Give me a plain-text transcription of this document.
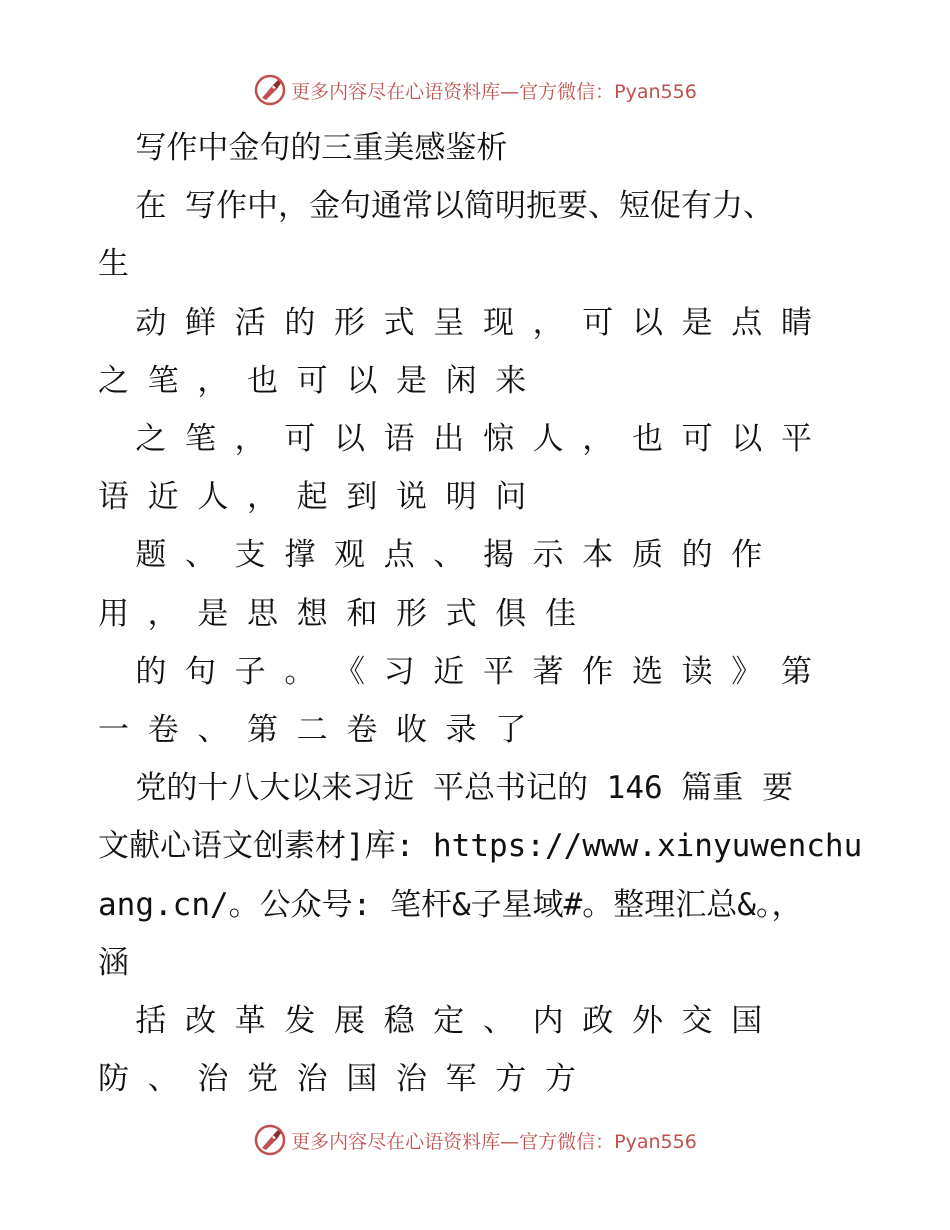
更多内容尽在心语资料库—官方微信：Pyan556
写作中金句的三重美感鉴析
在 写作中，金句通常以简明扼要、短促有力、
生
动 鲜 活 的 形 式 呈 现 ， 可 以 是 点 睛
之 笔 ， 也 可 以 是 闲 来
之 笔 ， 可 以 语 出 惊 人 ， 也 可 以 平
语 近 人 ， 起 到 说 明 问
题 、 支 撑 观 点 、 揭 示 本 质 的 作
用 ， 是 思 想 和 形 式 俱 佳
的 句 子 。 《 习 近 平 著 作 选 读 》 第
一 卷 、 第 二 卷 收 录 了
党的十八大以来习近 平总书记的 146 篇重 要
文献心语文创素材]库: https://www.xinyuwenchu
ang.cn/。公众号: 笔杆&子星域#。整理汇总&。，
涵
括 改 革 发 展 稳 定 、 内 政 外 交 国
防 、 治 党 治 国 治 军 方 方
更多内容尽在心语资料库—官方微信：Pyan556
